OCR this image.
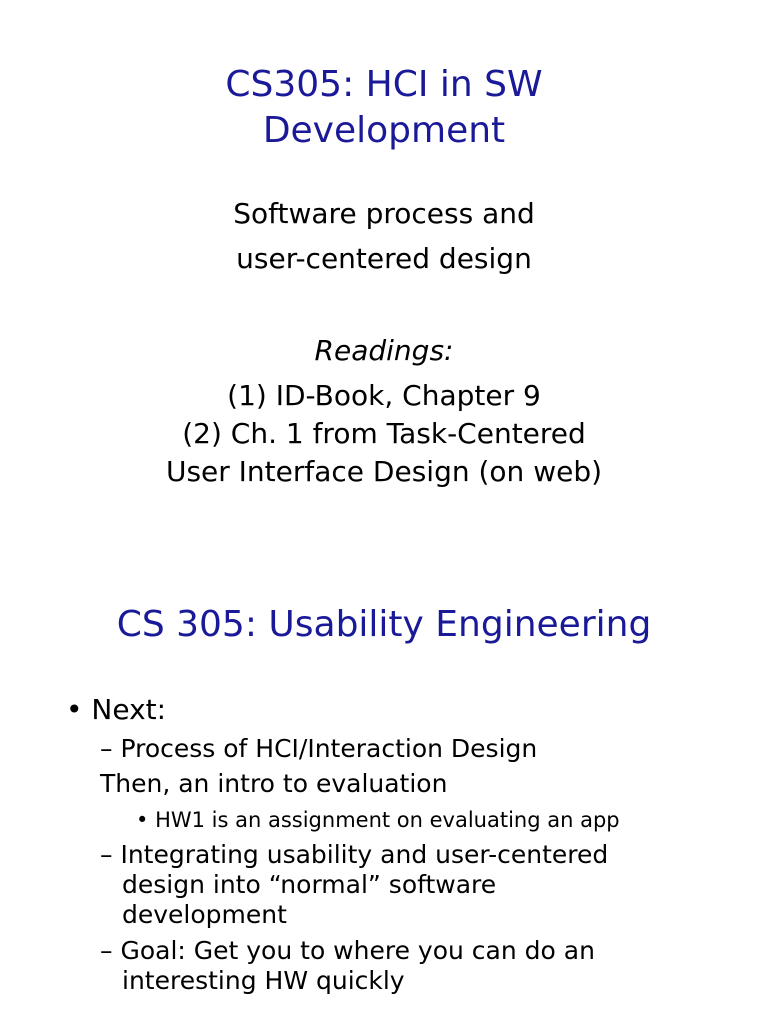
CS305: HCI in SW
Development

Software process and

user-centered design

Readings:

(1) ID-Book, Chapter 9

(2) Ch. 1 from Task-Centered

User Interface Design (on web)

CS 305: Usability Engineering
• Next:
– Process of HCI/Interaction Design
Then, an intro to evaluation
• HW1 is an assignment on evaluating an app
– Integrating usability and user-centered
design into “normal” software
development
– Goal: Get you to where you can do an
interesting HW quickly
